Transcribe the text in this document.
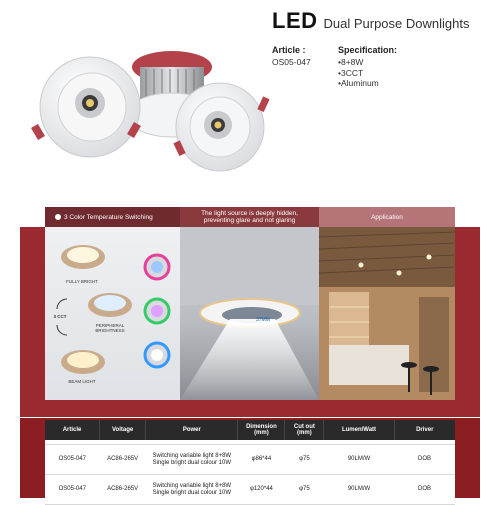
LED Dual Purpose Downlights
Article :
OS05-047
Specification:
•8+8W
•3CCT
•Aluminum
3 Color Temperature Switching	The light source is deeply hidden,
preventing glare and not glaring	Application
FULLY BRIGHT
PERIPHERAL BRIGHTNESS
BEAM LIGHT
3 CCT
37MM
Article	Voltage	Power	Dimension (mm)	Cut out (mm)	Lumen/Watt	Driver

OS05-047	AC86-265V	Switching variable light 8+8W Single bright dual colour 10W	φ86*44	φ75	90LM/W	DOB
OS05-047	AC86-265V	Switching variable light 8+8W Single bright dual colour 10W	φ120*44	φ75	90LM/W	DOB
